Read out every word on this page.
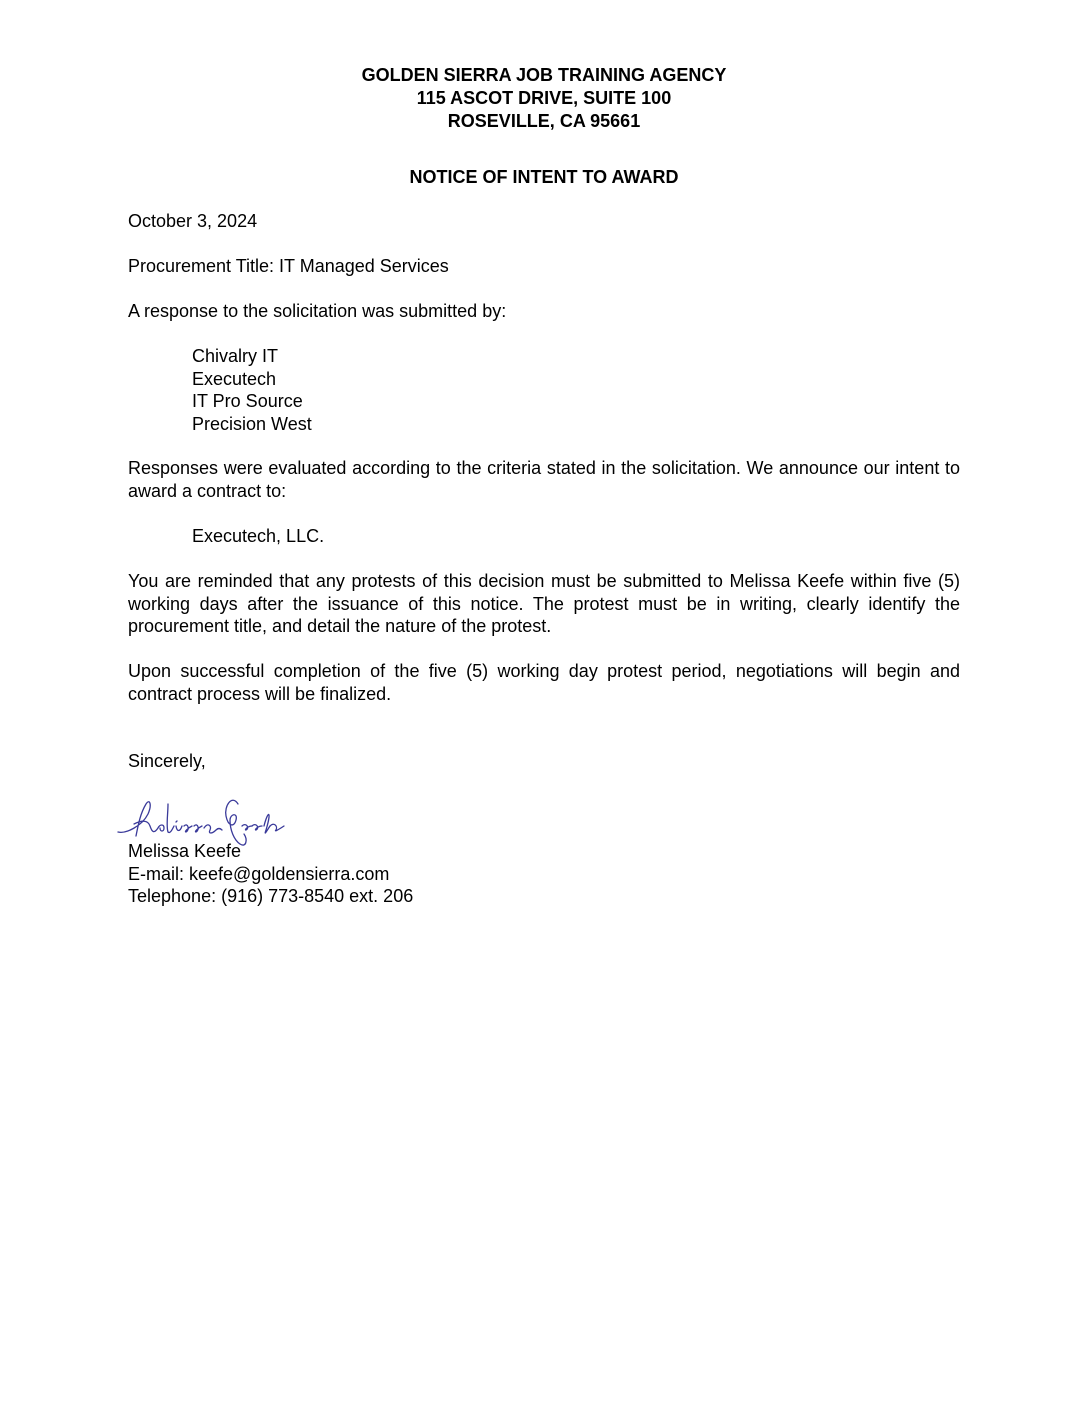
GOLDEN SIERRA JOB TRAINING AGENCY
115 ASCOT DRIVE, SUITE 100
ROSEVILLE, CA 95661
NOTICE OF INTENT TO AWARD
October 3, 2024
Procurement Title: IT Managed Services
A response to the solicitation was submitted by:
Chivalry IT
Executech
IT Pro Source
Precision West
Responses were evaluated according to the criteria stated in the solicitation. We announce our intent to award a contract to:
Executech, LLC.
You are reminded that any protests of this decision must be submitted to Melissa Keefe within five (5) working days after the issuance of this notice. The protest must be in writing, clearly identify the procurement title, and detail the nature of the protest.
Upon successful completion of the five (5) working day protest period, negotiations will begin and contract process will be finalized.
Sincerely,
Melissa Keefe
E-mail: keefe@goldensierra.com
Telephone: (916) 773-8540 ext. 206
